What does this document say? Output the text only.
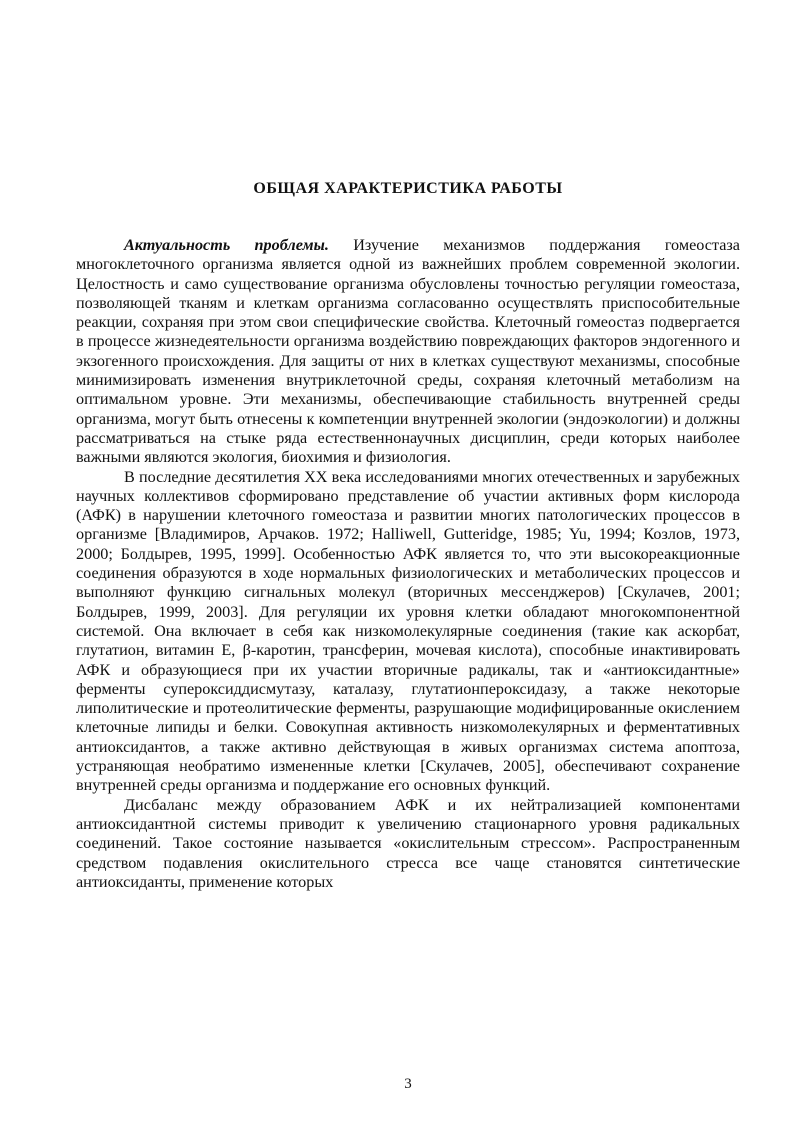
ОБЩАЯ ХАРАКТЕРИСТИКА РАБОТЫ

Актуальность проблемы. Изучение механизмов поддержания гомеостаза многоклеточного организма является одной из важнейших проблем современной экологии. Целостность и само существование организма обусловлены точностью регуляции гомеостаза, позволяющей тканям и клеткам организма согласованно осуществлять приспособительные реакции, сохраняя при этом свои специфические свойства. Клеточный гомеостаз подвергается в процессе жизнедеятельности организма воздействию повреждающих факторов эндогенного и экзогенного происхождения. Для защиты от них в клетках существуют механизмы, способные минимизировать изменения внутриклеточной среды, сохраняя клеточный метаболизм на оптимальном уровне. Эти механизмы, обеспечивающие стабильность внутренней среды организма, могут быть отнесены к компетенции внутренней экологии (эндоэкологии) и должны рассматриваться на стыке ряда естественнонаучных дисциплин, среди которых наиболее важными являются экология, биохимия и физиология.

В последние десятилетия XX века исследованиями многих отечественных и зарубежных научных коллективов сформировано представление об участии активных форм кислорода (АФК) в нарушении клеточного гомеостаза и развитии многих патологических процессов в организме [Владимиров, Арчаков. 1972; Halliwell, Gutteridge, 1985; Yu, 1994; Козлов, 1973, 2000; Болдырев, 1995, 1999]. Особенностью АФК является то, что эти высокореакционные соединения образуются в ходе нормальных физиологических и метаболических процессов и выполняют функцию сигнальных молекул (вторичных мессенджеров) [Скулачев, 2001; Болдырев, 1999, 2003]. Для регуляции их уровня клетки обладают многокомпонентной системой. Она включает в себя как низкомолекулярные соединения (такие как аскорбат, глутатион, витамин Е, β-каротин, трансферин, мочевая кислота), способные инактивировать АФК и образующиеся при их участии вторичные радикалы, так и «антиоксидантные» ферменты супероксиддисмутазу, каталазу, глутатионпероксидазу, а также некоторые липолитические и протеолитические ферменты, разрушающие модифицированные окислением клеточные липиды и белки. Совокупная активность низкомолекулярных и ферментативных антиоксидантов, а также активно действующая в живых организмах система апоптоза, устраняющая необратимо измененные клетки [Скулачев, 2005], обеспечивают сохранение внутренней среды организма и поддержание его основных функций.

Дисбаланс между образованием АФК и их нейтрализацией компонентами антиоксидантной системы приводит к увеличению стационарного уровня радикальных соединений. Такое состояние называется «окислительным стрессом». Распространенным средством подавления окислительного стресса все чаще становятся синтетические антиоксиданты, применение которых

3
